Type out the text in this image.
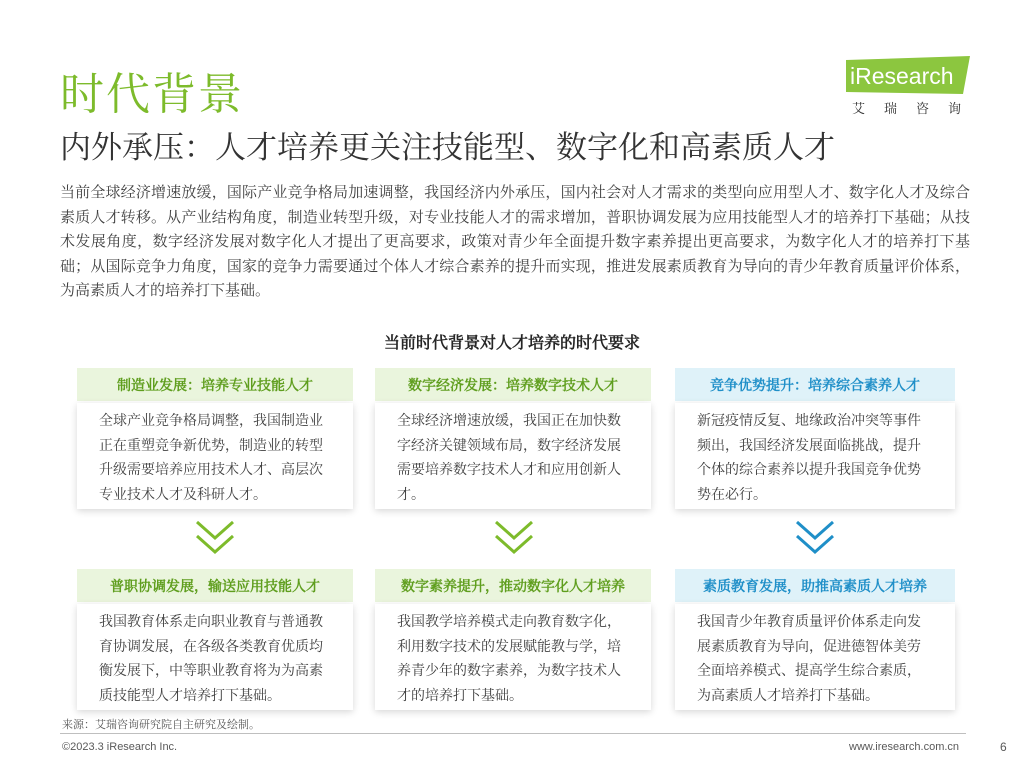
时代背景
内外承压：人才培养更关注技能型、数字化和高素质人才
iResearch
艾瑞咨询

当前全球经济增速放缓，国际产业竞争格局加速调整，我国经济内外承压，国内社会对人才需求的类型向应用型人才、数字化人才及综合素质人才转移。从产业结构角度，制造业转型升级，对专业技能人才的需求增加，普职协调发展为应用技能型人才的培养打下基础；从技术发展角度，数字经济发展对数字化人才提出了更高要求，政策对青少年全面提升数字素养提出更高要求，为数字化人才的培养打下基础；从国际竞争力角度，国家的竞争力需要通过个体人才综合素养的提升而实现，推进发展素质教育为导向的青少年教育质量评价体系，为高素质人才的培养打下基础。

当前时代背景对人才培养的时代要求
制造业发展：培养专业技能人才
全球产业竞争格局调整，我国制造业正在重塑竞争新优势，制造业的转型升级需要培养应用技术人才、高层次专业技术人才及科研人才。
数字经济发展：培养数字技术人才
全球经济增速放缓，我国正在加快数字经济关键领域布局，数字经济发展需要培养数字技术人才和应用创新人才。
竞争优势提升：培养综合素养人才
新冠疫情反复、地缘政治冲突等事件频出，我国经济发展面临挑战，提升个体的综合素养以提升我国竞争优势势在必行。
普职协调发展，输送应用技能人才
我国教育体系走向职业教育与普通教育协调发展，在各级各类教育优质均衡发展下，中等职业教育将为为高素质技能型人才培养打下基础。
数字素养提升，推动数字化人才培养
我国教学培养模式走向教育数字化，利用数字技术的发展赋能教与学，培养青少年的数字素养，为数字技术人才的培养打下基础。
素质教育发展，助推高素质人才培养
我国青少年教育质量评价体系走向发展素质教育为导向，促进德智体美劳全面培养模式、提高学生综合素质，为高素质人才培养打下基础。
来源：艾瑞咨询研究院自主研究及绘制。
©2023.3 iResearch Inc.	www.iresearch.com.cn	6
